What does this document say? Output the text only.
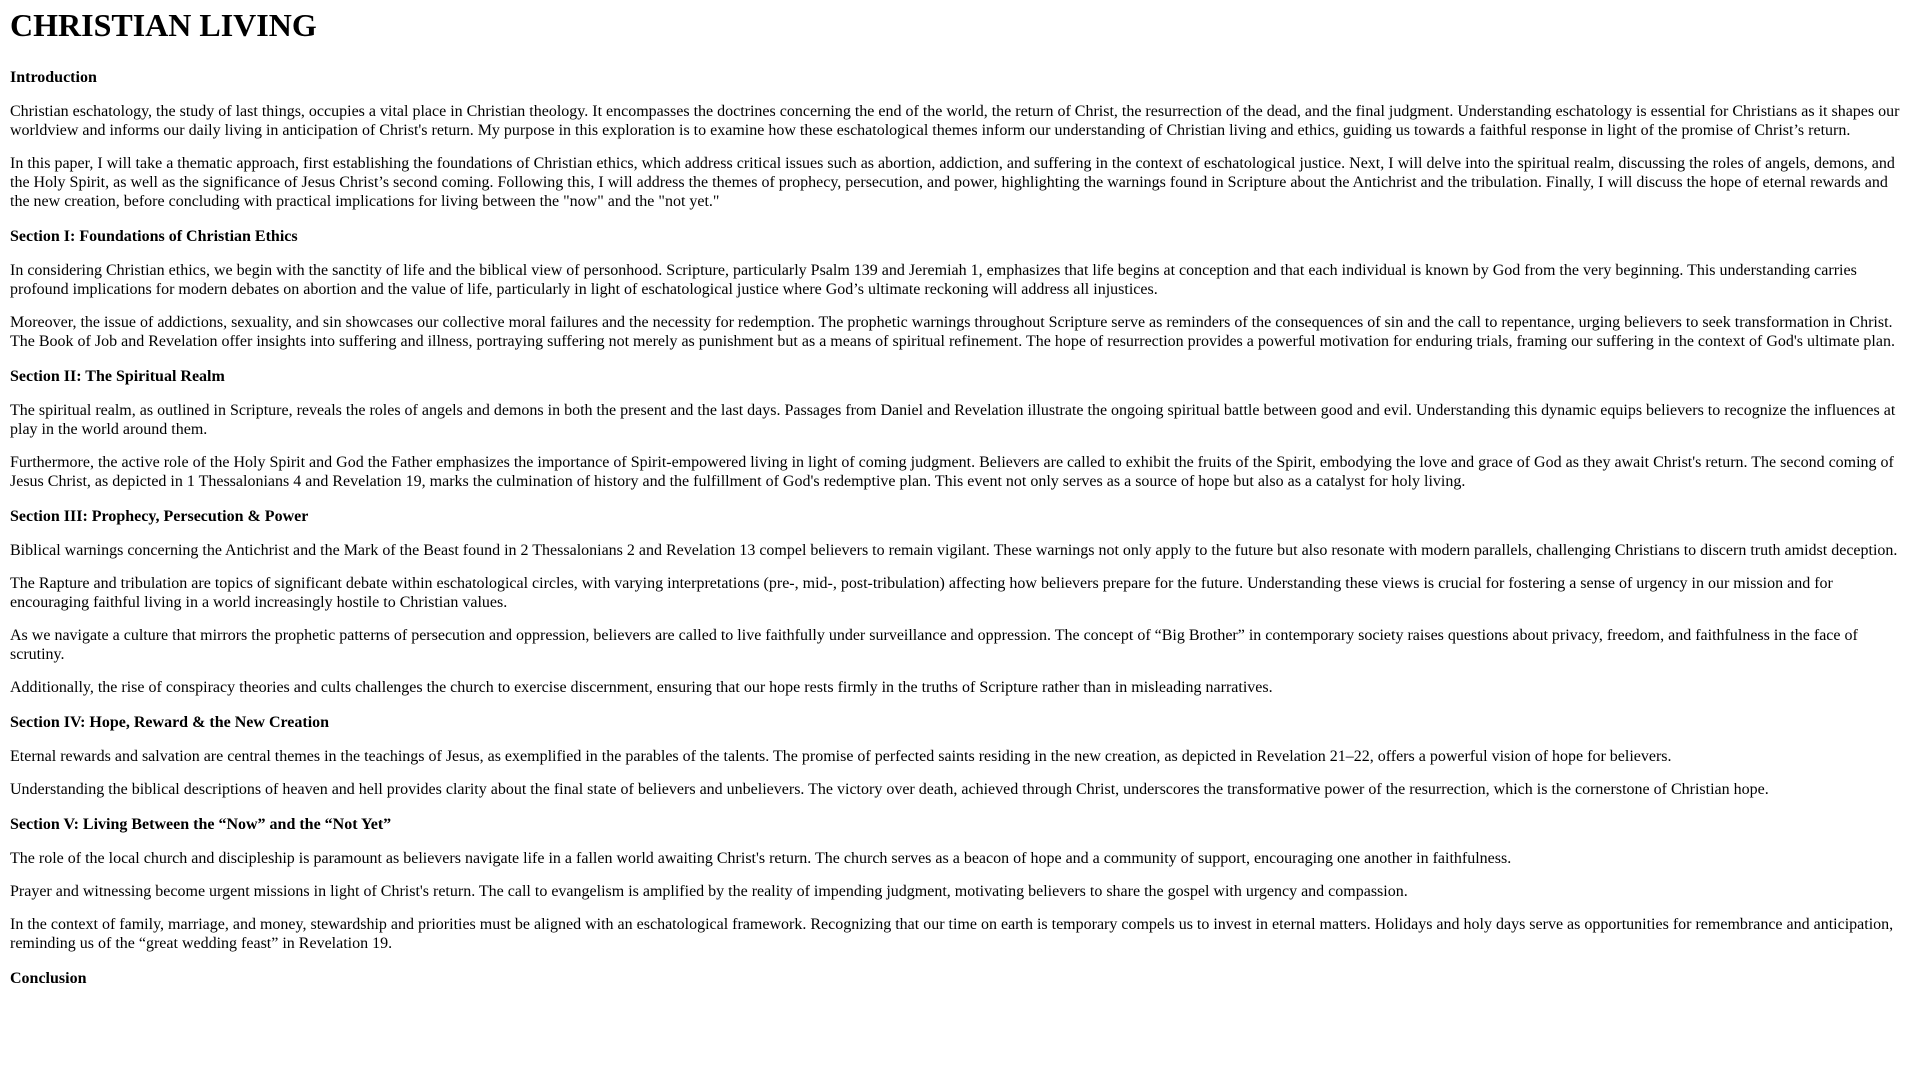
CHRISTIAN LIVING
Introduction

Christian eschatology, the study of last things, occupies a vital place in Christian theology. It encompasses the doctrines concerning the end of the world, the return of Christ, the resurrection of the dead, and the final judgment. Understanding eschatology is essential for Christians as it shapes our worldview and informs our daily living in anticipation of Christ's return. My purpose in this exploration is to examine how these eschatological themes inform our understanding of Christian living and ethics, guiding us towards a faithful response in light of the promise of Christ’s return.

In this paper, I will take a thematic approach, first establishing the foundations of Christian ethics, which address critical issues such as abortion, addiction, and suffering in the context of eschatological justice. Next, I will delve into the spiritual realm, discussing the roles of angels, demons, and the Holy Spirit, as well as the significance of Jesus Christ’s second coming. Following this, I will address the themes of prophecy, persecution, and power, highlighting the warnings found in Scripture about the Antichrist and the tribulation. Finally, I will discuss the hope of eternal rewards and the new creation, before concluding with practical implications for living between the "now" and the "not yet."

Section I: Foundations of Christian Ethics

In considering Christian ethics, we begin with the sanctity of life and the biblical view of personhood. Scripture, particularly Psalm 139 and Jeremiah 1, emphasizes that life begins at conception and that each individual is known by God from the very beginning. This understanding carries profound implications for modern debates on abortion and the value of life, particularly in light of eschatological justice where God’s ultimate reckoning will address all injustices.

Moreover, the issue of addictions, sexuality, and sin showcases our collective moral failures and the necessity for redemption. The prophetic warnings throughout Scripture serve as reminders of the consequences of sin and the call to repentance, urging believers to seek transformation in Christ. The Book of Job and Revelation offer insights into suffering and illness, portraying suffering not merely as punishment but as a means of spiritual refinement. The hope of resurrection provides a powerful motivation for enduring trials, framing our suffering in the context of God's ultimate plan.

Section II: The Spiritual Realm

The spiritual realm, as outlined in Scripture, reveals the roles of angels and demons in both the present and the last days. Passages from Daniel and Revelation illustrate the ongoing spiritual battle between good and evil. Understanding this dynamic equips believers to recognize the influences at play in the world around them.

Furthermore, the active role of the Holy Spirit and God the Father emphasizes the importance of Spirit-empowered living in light of coming judgment. Believers are called to exhibit the fruits of the Spirit, embodying the love and grace of God as they await Christ's return. The second coming of Jesus Christ, as depicted in 1 Thessalonians 4 and Revelation 19, marks the culmination of history and the fulfillment of God's redemptive plan. This event not only serves as a source of hope but also as a catalyst for holy living.

Section III: Prophecy, Persecution & Power

Biblical warnings concerning the Antichrist and the Mark of the Beast found in 2 Thessalonians 2 and Revelation 13 compel believers to remain vigilant. These warnings not only apply to the future but also resonate with modern parallels, challenging Christians to discern truth amidst deception.

The Rapture and tribulation are topics of significant debate within eschatological circles, with varying interpretations (pre-, mid-, post-tribulation) affecting how believers prepare for the future. Understanding these views is crucial for fostering a sense of urgency in our mission and for encouraging faithful living in a world increasingly hostile to Christian values.

As we navigate a culture that mirrors the prophetic patterns of persecution and oppression, believers are called to live faithfully under surveillance and oppression. The concept of “Big Brother” in contemporary society raises questions about privacy, freedom, and faithfulness in the face of scrutiny.

Additionally, the rise of conspiracy theories and cults challenges the church to exercise discernment, ensuring that our hope rests firmly in the truths of Scripture rather than in misleading narratives.

Section IV: Hope, Reward & the New Creation

Eternal rewards and salvation are central themes in the teachings of Jesus, as exemplified in the parables of the talents. The promise of perfected saints residing in the new creation, as depicted in Revelation 21–22, offers a powerful vision of hope for believers.

Understanding the biblical descriptions of heaven and hell provides clarity about the final state of believers and unbelievers. The victory over death, achieved through Christ, underscores the transformative power of the resurrection, which is the cornerstone of Christian hope.

Section V: Living Between the “Now” and the “Not Yet”

The role of the local church and discipleship is paramount as believers navigate life in a fallen world awaiting Christ's return. The church serves as a beacon of hope and a community of support, encouraging one another in faithfulness.

Prayer and witnessing become urgent missions in light of Christ's return. The call to evangelism is amplified by the reality of impending judgment, motivating believers to share the gospel with urgency and compassion.

In the context of family, marriage, and money, stewardship and priorities must be aligned with an eschatological framework. Recognizing that our time on earth is temporary compels us to invest in eternal matters. Holidays and holy days serve as opportunities for remembrance and anticipation, reminding us of the “great wedding feast” in Revelation 19.

Conclusion
